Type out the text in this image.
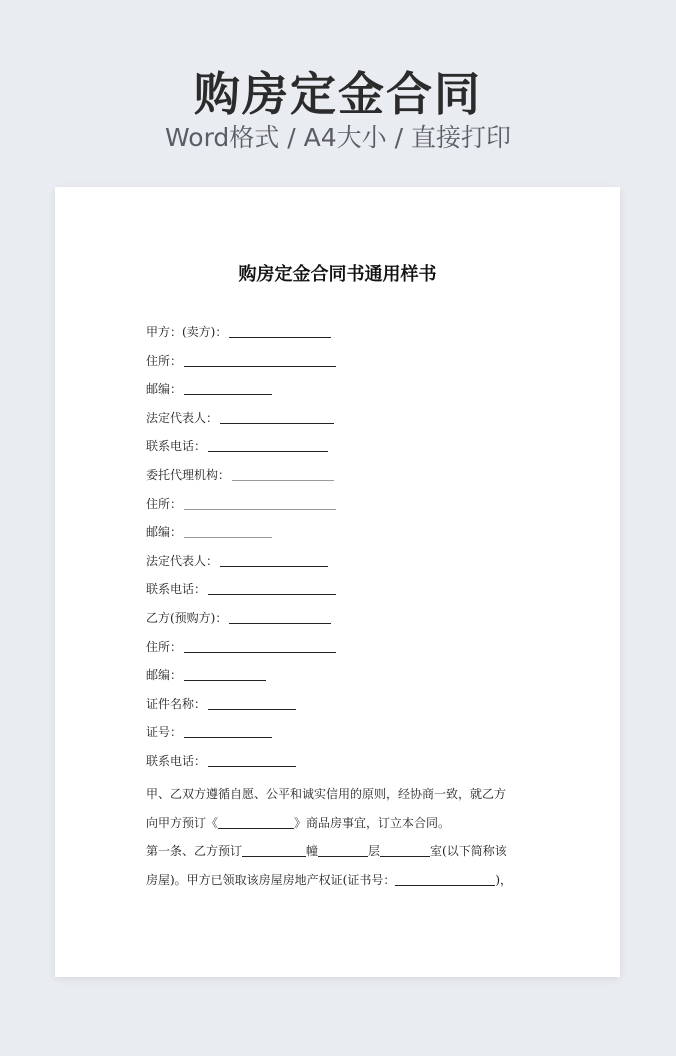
购房定金合同
Word格式 / A4大小 / 直接打印
购房定金合同书通用样书
甲方：(卖方)：
住所：
邮编：
法定代表人：
联系电话：
委托代理机构：
住所：
邮编：
法定代表人：
联系电话：
乙方(预购方)：
住所：
邮编：
证件名称：
证号：
联系电话：
甲、乙双方遵循自愿、公平和诚实信用的原则，经协商一致，就乙方
向甲方预订《	》商品房事宜，订立本合同。
第一条、乙方预订	幢	层	室(以下简称该
房屋)。甲方已领取该房屋房地产权证(证书号：	)，
